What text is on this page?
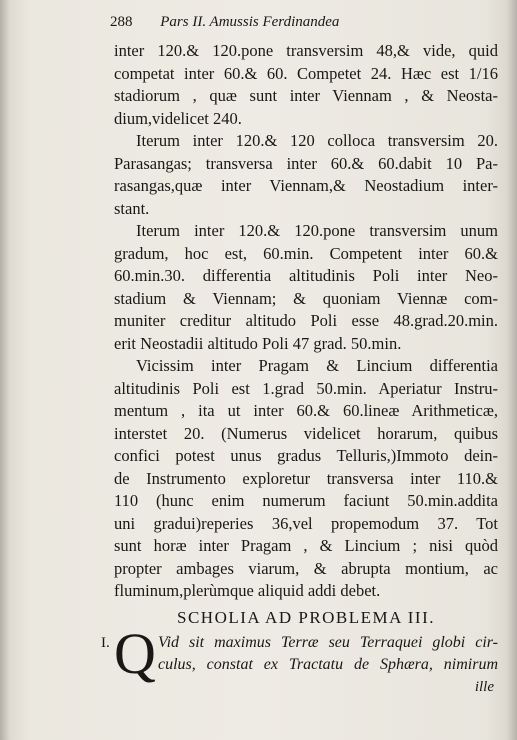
288 Pars II. Amussis Ferdinandea
inter 120.& 120.pone transversim 48,& vide, quid
competat inter 60.& 60. Competet 24. Hæc est 1/16
stadiorum , quæ sunt inter Viennam , & Neosta-
dium,videlicet 240.
Iterum inter 120.& 120 colloca transversim 20.
Parasangas; transversa inter 60.& 60.dabit 10 Pa-
rasangas,quæ inter Viennam,& Neostadium inter-
stant.
Iterum inter 120.& 120.pone transversim unum
gradum, hoc est, 60.min. Competent inter 60.&
60.min.30. differentia altitudinis Poli inter Neo-
stadium & Viennam; & quoniam Viennæ com-
muniter creditur altitudo Poli esse 48.grad.20.min.
erit Neostadii altitudo Poli 47 grad. 50.min.
Vicissim inter Pragam & Lincium differentia
altitudinis Poli est 1.grad 50.min. Aperiatur Instru-
mentum , ita ut inter 60.& 60.lineæ Arithmeticæ,
interstet 20. (Numerus videlicet horarum, quibus
confici potest unus gradus Telluris,)Immoto dein-
de Instrumento exploretur transversa inter 110.&
110 (hunc enim numerum faciunt 50.min.addita
uni gradui)reperies 36,vel propemodum 37. Tot
sunt horæ inter Pragam , & Lincium ; nisi quòd
propter ambages viarum, & abrupta montium, ac
fluminum,plerùmque aliquid addi debet.
SCHOLIA AD PROBLEMA III.
I. Q Vid sit maximus Terræ seu Terraquei globi cir-
culus, constat ex Tractatu de Sphæra, nimirum
ille
